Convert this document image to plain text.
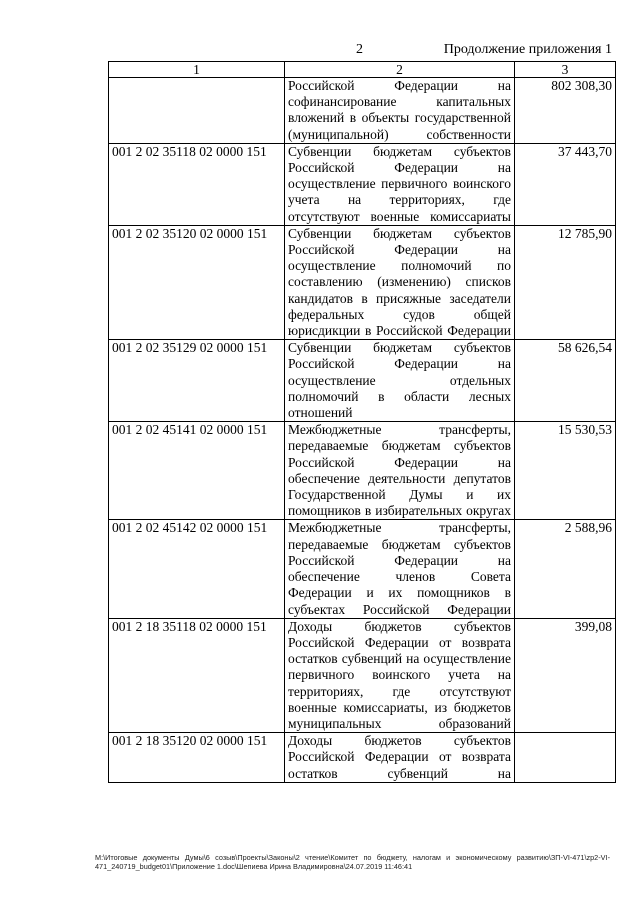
2	Продолжение приложения 1
1	2	3
	Российской Федерации на софинансирование капитальных вложений в объекты государственной (муниципальной) собственности	802 308,30
001 2 02 35118 02 0000 151	Субвенции бюджетам субъектов Российской Федерации на осуществление первичного воинского учета на территориях, где отсутствуют военные комиссариаты	37 443,70
001 2 02 35120 02 0000 151	Субвенции бюджетам субъектов Российской Федерации на осуществление полномочий по составлению (изменению) списков кандидатов в присяжные заседатели федеральных судов общей юрисдикции в Российской Федерации	12 785,90
001 2 02 35129 02 0000 151	Субвенции бюджетам субъектов Российской Федерации на осуществление отдельных полномочий в области лесных отношений	58 626,54
001 2 02 45141 02 0000 151	Межбюджетные трансферты, передаваемые бюджетам субъектов Российской Федерации на обеспечение деятельности депутатов Государственной Думы и их помощников в избирательных округах	15 530,53
001 2 02 45142 02 0000 151	Межбюджетные трансферты, передаваемые бюджетам субъектов Российской Федерации на обеспечение членов Совета Федерации и их помощников в субъектах Российской Федерации	2 588,96
001 2 18 35118 02 0000 151	Доходы бюджетов субъектов Российской Федерации от возврата остатков субвенций на осуществление первичного воинского учета на территориях, где отсутствуют военные комиссариаты, из бюджетов муниципальных образований	399,08
001 2 18 35120 02 0000 151	Доходы бюджетов субъектов Российской Федерации от возврата остатков субвенций на	
М:\Итоговые документы Думы\6 созыв\Проекты\Законы\2 чтение\Комитет по бюджету, налогам и экономическому развитию\ЗП-VI-471\zp2-VI-471_240719_budget01\Приложение 1.doc\Шепиева Ирина Владимировна\24.07.2019 11:46:41
